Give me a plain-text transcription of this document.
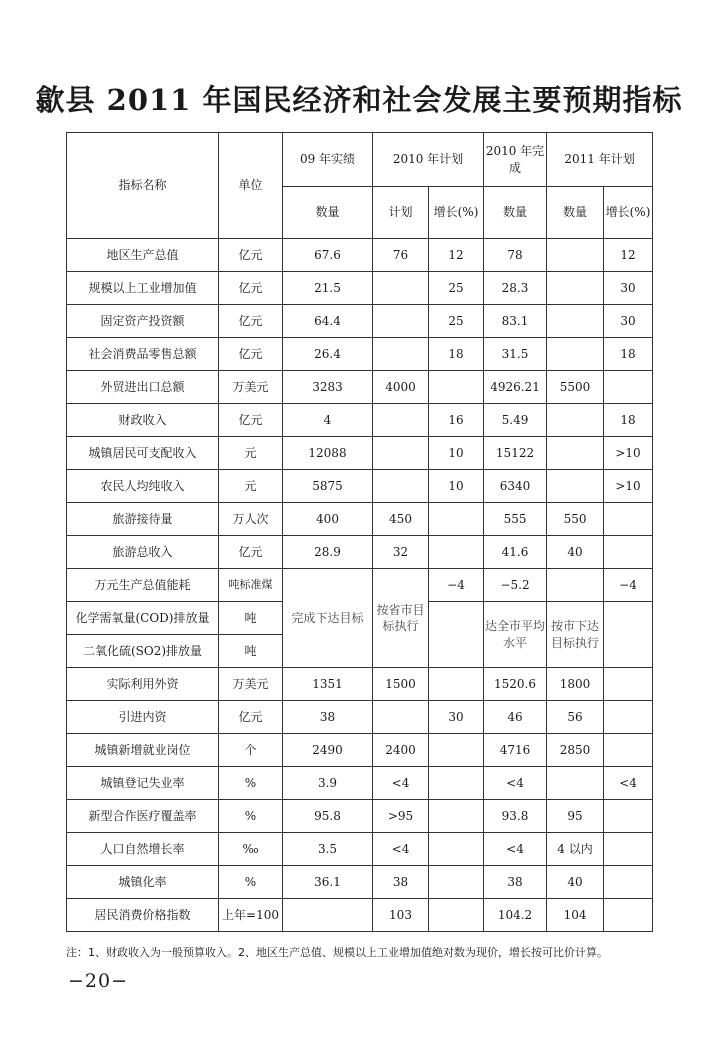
歙县 2011 年国民经济和社会发展主要预期指标
指标名称	单位	09 年实绩	2010 年计划		2010 年完成	2011 年计划	
		数量	计划	增长(%)	数量	数量	增长(%)
地区生产总值	亿元	67.6	76	12	78		12
规模以上工业增加值	亿元	21.5		25	28.3		30
固定资产投资额	亿元	64.4		25	83.1		30
社会消费品零售总额	亿元	26.4		18	31.5		18
外贸进出口总额	万美元	3283	4000		4926.21	5500	
财政收入	亿元	4		16	5.49		18
城镇居民可支配收入	元	12088		10	15122		>10
农民人均纯收入	元	5875		10	6340		>10
旅游接待量	万人次	400	450		555	550	
旅游总收入	亿元	28.9	32		41.6	40	
万元生产总值能耗	吨标准煤	完成下达目标	按省市目标执行	−4	−5.2		−4
化学需氧量(COD)排放量	吨				达全市平均水平	按市下达目标执行	
二氧化硫(SO2)排放量	吨						
实际利用外资	万美元	1351	1500		1520.6	1800	
引进内资	亿元	38		30	46	56	
城镇新增就业岗位	个	2490	2400		4716	2850	
城镇登记失业率	%	3.9	<4		<4		<4
新型合作医疗覆盖率	%	95.8	>95		93.8	95	
人口自然增长率	‰	3.5	<4		<4	4 以内	
城镇化率	%	36.1	38		38	40	
居民消费价格指数	上年=100		103		104.2	104	
注：1、财政收入为一般预算收入。2、地区生产总值、规模以上工业增加值绝对数为现价，增长按可比价计算。
−20−
